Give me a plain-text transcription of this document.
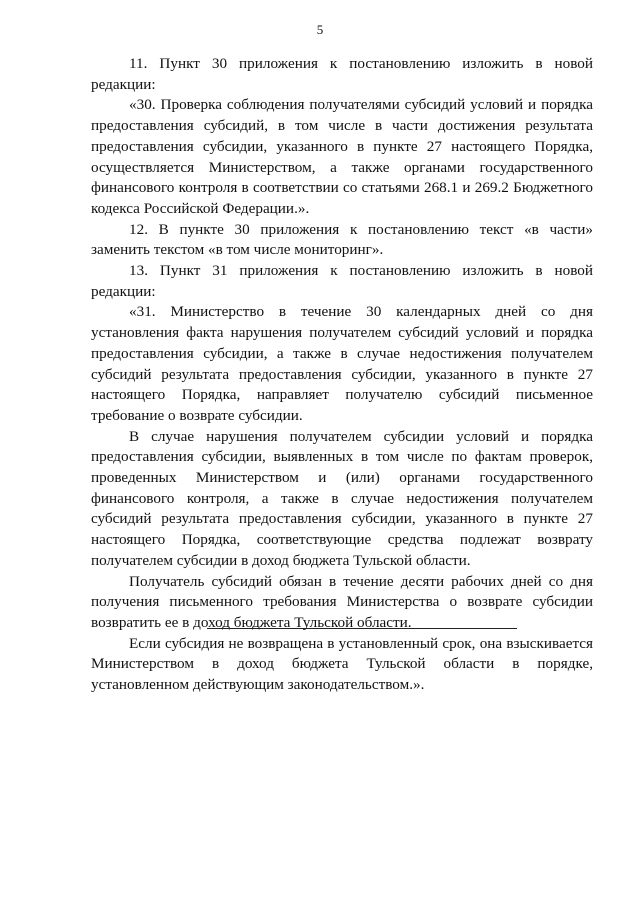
5

11. Пункт 30 приложения к постановлению изложить в новой редакции:

«30. Проверка соблюдения получателями субсидий условий и порядка предоставления субсидий, в том числе в части достижения результата предоставления субсидии, указанного в пункте 27 настоящего Порядка, осуществляется Министерством, а также органами государственного финансового контроля в соответствии со статьями 268.1 и 269.2 Бюджетного кодекса Российской Федерации.».

12. В пункте 30 приложения к постановлению текст «в части» заменить текстом «в том числе мониторинг».

13. Пункт 31 приложения к постановлению изложить в новой редакции:

«31. Министерство в течение 30 календарных дней со дня установления факта нарушения получателем субсидий условий и порядка предоставления субсидии, а также в случае недостижения получателем субсидий результата предоставления субсидии, указанного в пункте 27 настоящего Порядка, направляет получателю субсидий письменное требование о возврате субсидии.

В случае нарушения получателем субсидии условий и порядка предоставления субсидии, выявленных в том числе по фактам проверок, проведенных Министерством и (или) органами государственного финансового контроля, а также в случае недостижения получателем субсидий результата предоставления субсидии, указанного в пункте 27 настоящего Порядка, соответствующие средства подлежат возврату получателем субсидии в доход бюджета Тульской области.

Получатель субсидий обязан в течение десяти рабочих дней со дня получения письменного требования Министерства о возврате субсидии возвратить ее в доход бюджета Тульской области.

Если субсидия не возвращена в установленный срок, она взыскивается Министерством в доход бюджета Тульской области в порядке, установленном действующим законодательством.».
